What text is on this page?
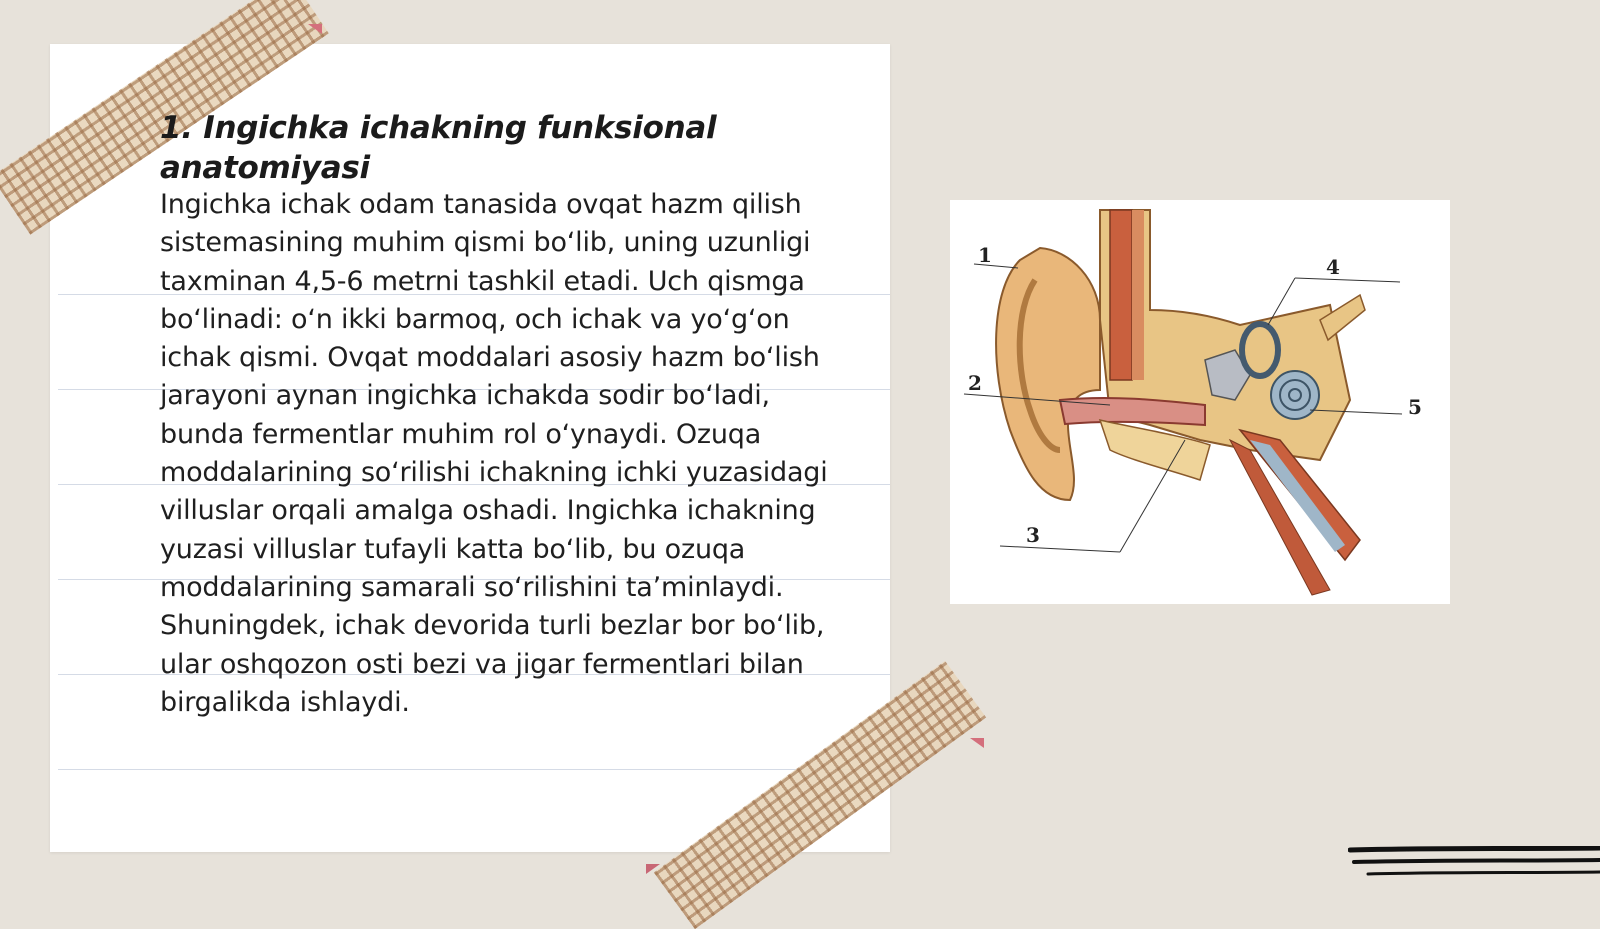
1. Ingichka ichakning funksional anatomiyasi

Ingichka ichak odam tanasida ovqat hazm qilish sistemasining muhim qismi boʻlib, uning uzunligi taxminan 4,5-6 metrni tashkil etadi. Uch qismga boʻlinadi: oʻn ikki barmoq, och ichak va yoʻgʻon ichak qismi. Ovqat moddalari asosiy hazm boʻlish jarayoni aynan ingichka ichakda sodir boʻladi, bunda fermentlar muhim rol oʻynaydi. Ozuqa moddalarining soʻrilishi ichakning ichki yuzasidagi villuslar orqali amalga oshadi. Ingichka ichakning yuzasi villuslar tufayli katta boʻlib, bu ozuqa moddalarining samarali soʻrilishini taʼminlaydi. Shuningdek, ichak devorida turli bezlar bor boʻlib, ular oshqozon osti bezi va jigar fermentlari bilan birgalikda ishlaydi.

1
2
3
4
5
